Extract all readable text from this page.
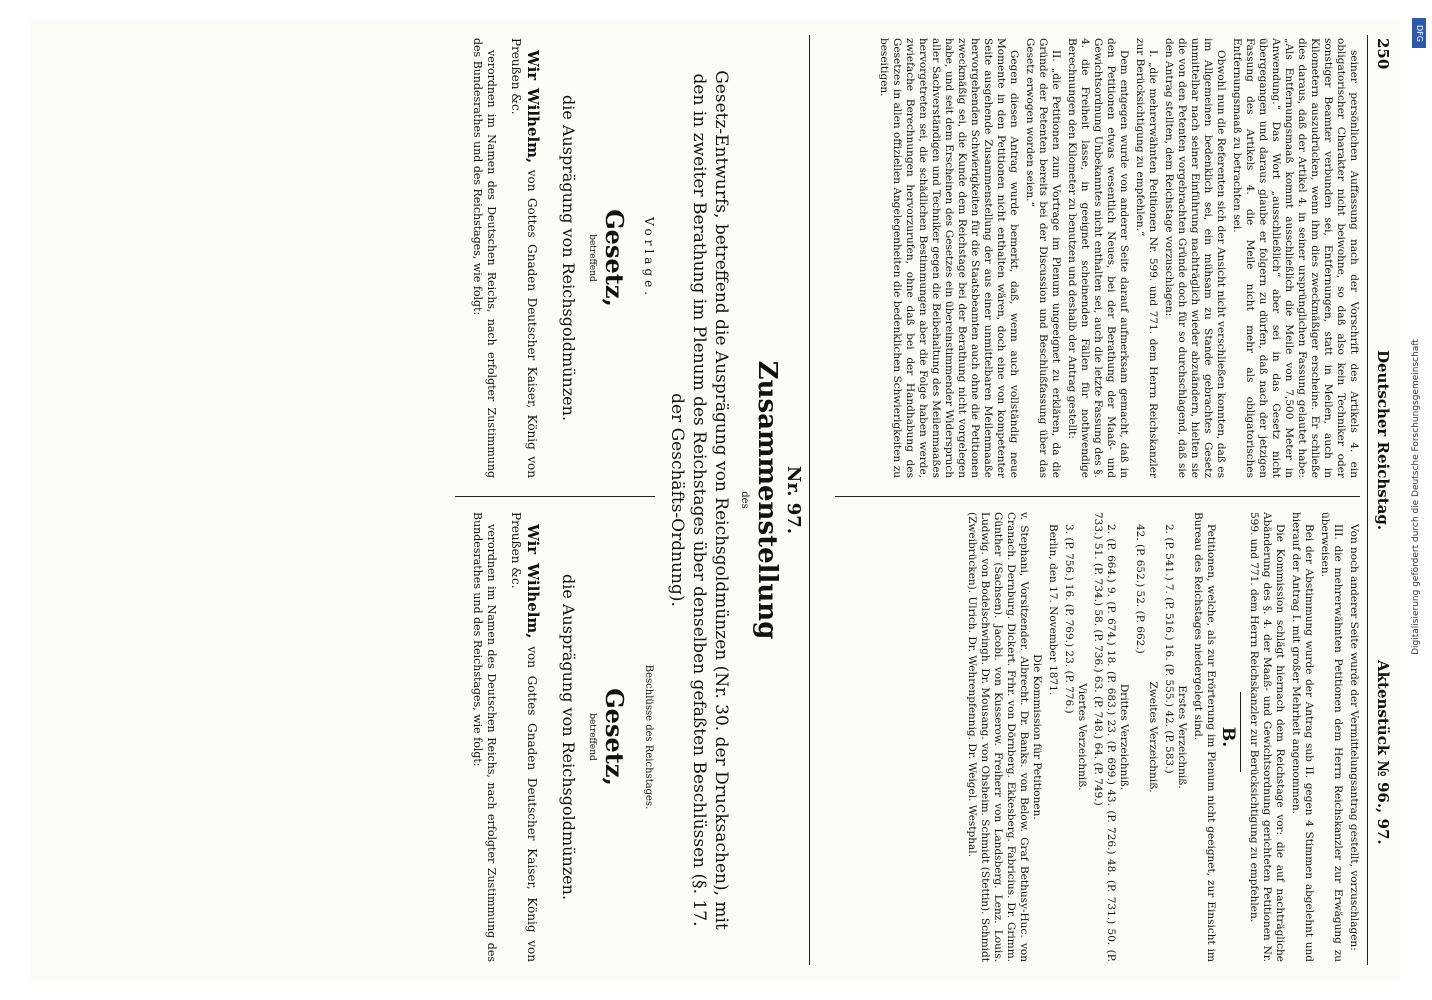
250
Deutscher Reichstag.
Aktenstück № 96., 97.

seiner persönlichen Auffassung nach der Vorschrift des Artikels 4. ein obligatorischer Charakter nicht beiwohne, so daß also kein Techniker oder sonstiger Beamter verbunden sei, Entfernungen, statt in Meilen, auch in Kilometern auszudrücken, wenn ihm dies zweckmäßiger erscheine. Er schließe dies daraus, daß der Artikel 4. in seiner ursprünglichen Fassung gelautet habe: „Als Entfernungsmaaß kommt ausschließlich die Meile von 7,500 Meter in Anwendung.“ Das Wort „ausschließlich“ aber sei in das Gesetz nicht übergegangen und daraus glaube er folgern zu dürfen, daß nach der jetzigen Fassung des Artikels 4. die Meile nicht mehr als obligatorisches Entfernungsmaaß zu betrachten sei.

Obwohl nun die Referenten sich der Ansicht nicht verschließen konnten, daß es im Allgemeinen bedenklich sei, ein mühsam zu Stande gebrachtes Gesetz unmittelbar nach seiner Einführung nachträglich wieder abzuändern, hielten sie die von den Petenten vorgebrachten Gründe doch für so durchschlagend, daß sie den Antrag stellten, dem Reichstage vorzuschlagen:

I. „die mehrerwähnten Petitionen Nr. 599. und 771. dem Herrn Reichskanzler zur Berücksichtigung zu empfehlen.“

Dem entgegen wurde von anderer Seite darauf aufmerksam gemacht, daß in den Petitionen etwas wesentlich Neues, bei der Berathung der Maaß- und Gewichtsordnung Unbekanntes nicht enthalten sei, auch die letzte Fassung des §. 4. die Freiheit lasse, in geeignet scheinenden Fällen für nothwendige Berechnungen den Kilometer zu benutzen und deshalb der Antrag gestellt:

II. „die Petitionen zum Vortrage im Plenum ungeeignet zu erklären, da die Gründe der Petenten bereits bei der Discussion und Beschlußfassung über das Gesetz erwogen worden seien.“

Gegen diesen Antrag wurde bemerkt, daß, wenn auch vollständig neue Momente in den Petitionen nicht enthalten wären, doch eine von kompetenter Seite ausgehende Zusammenstellung der aus einer unmittelbaren Meilenmaaße hervorgehenden Schwierigkeiten für die Staatsbeamten auch ohne die Petitionen zweckmäßig sei, die Kunde dem Reichstage bei der Berathung nicht vorgelegen habe, und seit dem Erscheinen des Gesetzes ein übereinstimmender Widerspruch aller Sachverständigen und Techniker gegen die Beibehaltung des Meilenmaaßes hervorgetreten sei, die schädlichen Bestimmungen aber die Folge haben werde, zwiefache Berechnungen hervorzurufen, ohne daß bei der Handhabung des Gesetzes in allen offiziellen Angelegenheiten die bedenklichen Schwierigkeiten zu beseitigen.

Von noch anderer Seite wurde der Vermittelungsantrag gestellt, vorzuschlagen:

III. die mehrerwähnten Petitionen dem Herrn Reichskanzler zur Erwägung zu überweisen.

Bei der Abstimmung wurde der Antrag sub II. gegen 4 Stimmen abgelehnt und hierauf der Antrag I. mit großer Mehrheit angenommen.

Die Kommission schlägt hiernach dem Reichstage vor: die auf nachträgliche Abänderung des §. 4. der Maaß- und Gewichtsordnung gerichteten Petitionen Nr. 599. und 771. dem Herrn Reichskanzler zur Berücksichtigung zu empfehlen.

B.

Petitionen, welche, als zur Erörterung im Plenum nicht geeignet, zur Einsicht im Bureau des Reichstages niedergelegt sind.

Erstes Verzeichniß.

2. (P. 541.) 7. (P. 516.) 16. (P. 555.) 42. (P. 583.)

Zweites Verzeichniß.

42. (P. 652.) 52. (P. 662.)

Drittes Verzeichniß.

2. (P. 664.) 9. (P. 674.) 18. (P. 683.) 23. (P. 699.) 43. (P. 726.) 48. (P. 731.) 50. (P. 733.) 51. (P. 734.) 58. (P. 736.) 63. (P. 748.) 64. (P. 749.)

Viertes Verzeichniß.

3. (P. 756.) 16. (P. 769.) 23. (P. 776.)

Berlin, den 17. November 1871.

Die Kommission für Petitionen.

v. Stephani, Vorsitzender. Albrecht. Dr. Banks. von Below. Graf Bethusy-Huc. von Cranach. Dernburg. Dickert. Frhr. von Dörnberg. Ekkesberg. Fabricius. Dr. Grimm. Günther (Sachsen). Jacobi. von Kusserow. Freiherr von Landsberg. Lenz. Louis. Ludwig. von Bodelschwingh. Dr. Mousang. von Ohsheim. Schmidt (Stettin). Schmidt (Zweibrücken). Ulrich. Dr. Wehrenpfennig. Dr. Weigel. Westphal.

Nr. 97.
Zusammenstellung
des
Gesetz-Entwurfs, betreffend die Ausprägung von Reichsgoldmünzen (Nr. 30. der Drucksachen), mit den in zweiter Berathung im Plenum des Reichstages über denselben gefaßten Beschlüssen (§. 17. der Geschäfts-Ordnung).
Vorlage.
Gesetz,
betreffend
die Ausprägung von Reichsgoldmünzen.

Wir Wilhelm, von Gottes Gnaden Deutscher Kaiser, König von Preußen &c.

verordnen im Namen des Deutschen Reichs, nach erfolgter Zustimmung des Bundesrathes und des Reichstages, wie folgt:

Beschlüsse des Reichstages.
Gesetz,
betreffend
die Ausprägung von Reichsgoldmünzen.

Wir Wilhelm, von Gottes Gnaden Deutscher Kaiser, König von Preußen &c.

verordnen im Namen des Deutschen Reichs, nach erfolgter Zustimmung des Bundesrathes und des Reichstages, wie folgt:

DFG
Digitalisierung gefördert durch die Deutsche Forschungsgemeinschaft
